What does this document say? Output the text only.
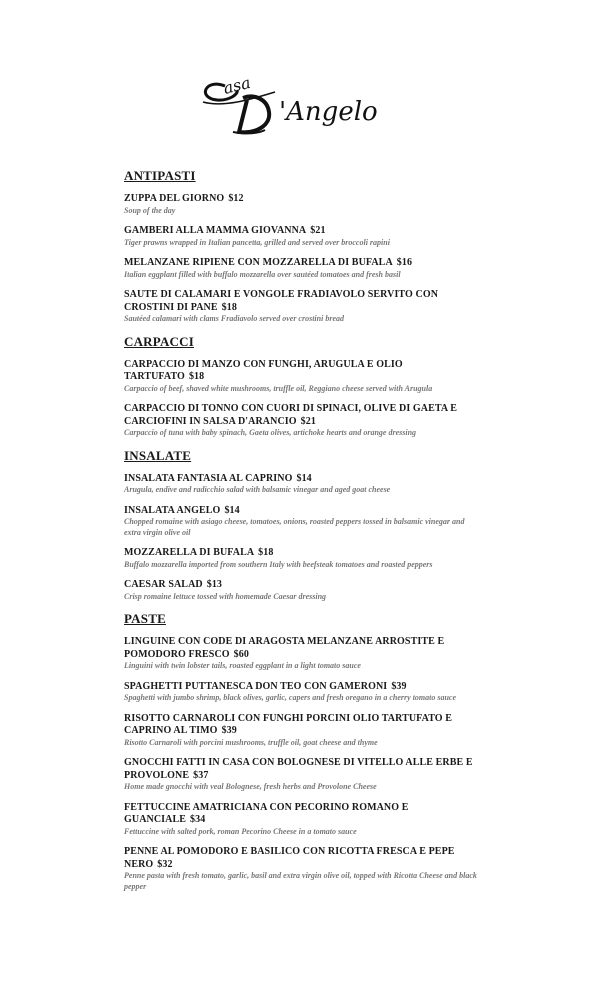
asa
'Angelo
ANTIPASTI
ZUPPA DEL GIORNO $12
Soup of the day
GAMBERI ALLA MAMMA GIOVANNA $21
Tiger prawns wrapped in Italian pancetta, grilled and served over broccoli rapini
MELANZANE RIPIENE CON MOZZARELLA DI BUFALA $16
Italian eggplant filled with buffalo mozzarella over sautéed tomatoes and fresh basil
SAUTE DI CALAMARI E VONGOLE FRADIAVOLO SERVITO CON CROSTINI DI PANE $18
Sautéed calamari with clams Fradiavolo served over crostini bread
CARPACCI
CARPACCIO DI MANZO CON FUNGHI, ARUGULA E OLIO TARTUFATO $18
Carpaccio of beef, shaved white mushrooms, truffle oil, Reggiano cheese served with Arugula
CARPACCIO DI TONNO CON CUORI DI SPINACI, OLIVE DI GAETA E CARCIOFINI IN SALSA D'ARANCIO $21
Carpaccio of tuna with baby spinach, Gaeta olives, artichoke hearts and orange dressing
INSALATE
INSALATA FANTASIA AL CAPRINO $14
Arugula, endive and radicchio salad with balsamic vinegar and aged goat cheese
INSALATA ANGELO $14
Chopped romaine with asiago cheese, tomatoes, onions, roasted peppers tossed in balsamic vinegar and extra virgin olive oil
MOZZARELLA DI BUFALA $18
Buffalo mozzarella imported from southern Italy with beefsteak tomatoes and roasted peppers
CAESAR SALAD $13
Crisp romaine lettuce tossed with homemade Caesar dressing
PASTE
LINGUINE CON CODE DI ARAGOSTA MELANZANE ARROSTITE E POMODORO FRESCO $60
Linguini with twin lobster tails, roasted eggplant in a light tomato sauce
SPAGHETTI PUTTANESCA DON TEO CON GAMERONI $39
Spaghetti with jumbo shrimp, black olives, garlic, capers and fresh oregano in a cherry tomato sauce
RISOTTO CARNAROLI CON FUNGHI PORCINI OLIO TARTUFATO E CAPRINO AL TIMO $39
Risotto Carnaroli with porcini mushrooms, truffle oil, goat cheese and thyme
GNOCCHI FATTI IN CASA CON BOLOGNESE DI VITELLO ALLE ERBE E PROVOLONE $37
Home made gnocchi with veal Bolognese, fresh herbs and Provolone Cheese
FETTUCCINE AMATRICIANA CON PECORINO ROMANO E GUANCIALE $34
Fettuccine with salted pork, roman Pecorino Cheese in a tomato sauce
PENNE AL POMODORO E BASILICO CON RICOTTA FRESCA E PEPE NERO $32
Penne pasta with fresh tomato, garlic, basil and extra virgin olive oil, topped with Ricotta Cheese and black pepper
